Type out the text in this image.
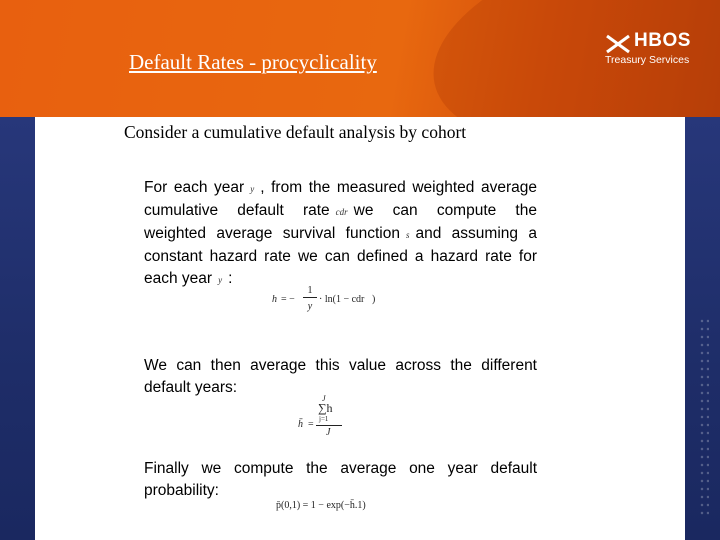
Default Rates - procyclicality
HBOS
Treasury Services
Consider a cumulative default analysis by cohort
For each year y , from the measured weighted average
cumulative default rate cdr we can compute the
weighted average survival function s and assuming a
constant hazard rate we can defined a hazard rate for
each year y :
h = −
1
y
· ln(1 − cdr )
We can then average this value across the different
default years:
J
∑h
j=1
h̄ =
J
Finally we compute the average one year default
probability:
p̄(0,1) = 1 − exp(−h̄.1)
